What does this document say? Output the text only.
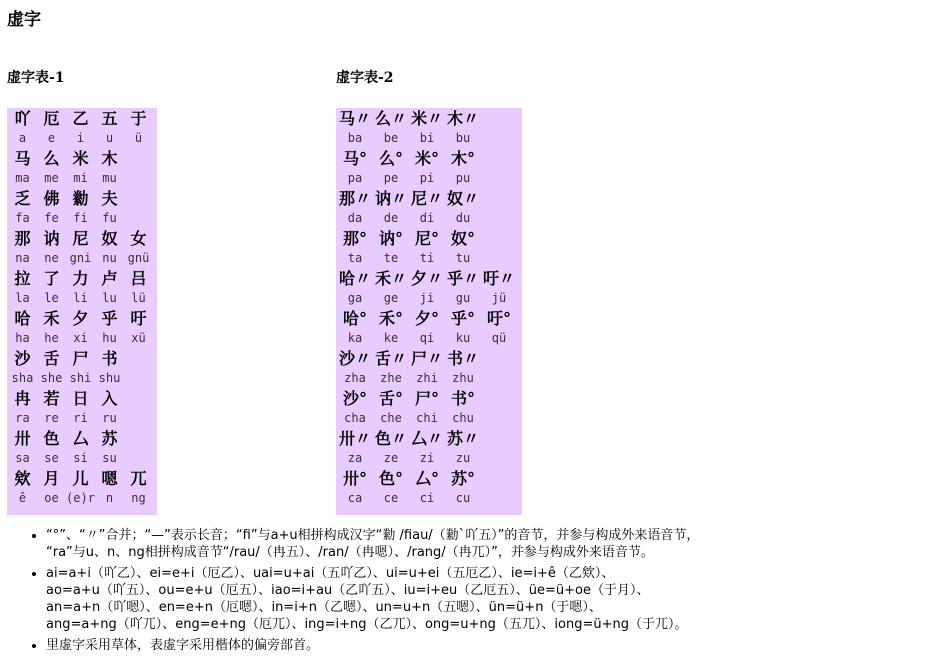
虚字
虚字表-1	虚字表-2
吖 厄 乙 五 于
a	e	i	u	ü
马 么 米 木
ma	me	mi	mu
乏 佛 勬 夫
fa	fe	fi	fu
那 讷 尼 奴 女
na	ne gni nu gnü
拉 了 力 卢 吕
la	le	li	lu	lü
哈 禾 夕 乎 吁
ha	he	xi	hu	xü
沙 舌 尸 书
sha she shi shu
冉 若 日 入
ra	re	ri	ru
卅 色 厶 苏
sa	se	si	su
欸 月 儿 嗯 兀
ê	oe (e)r n	ng
马〃 么〃 米〃 木〃
ba	be	bi	bu
马° 么° 米° 木°
pa	pe	pi	pu
那〃 讷〃 尼〃 奴〃
da	de	di	du
那° 讷° 尼° 奴°
ta	te	ti	tu
哈〃 禾〃 夕〃 乎〃 吁〃
ga	ge	ji	gu	jü
哈° 禾° 夕° 乎° 吁°
ka	ke	qi	ku	qü
沙〃 舌〃 尸〃 书〃
zha	zhe	zhi	zhu
沙° 舌° 尸° 书°
cha	che	chi	chu
卅〃 色〃 厶〃 苏〃
za	ze	zi	zu
卅° 色° 厶° 苏°
ca	ce	ci	cu
• “°”、“〃”合并；“—”表示长音；“fi”与a+u相拼构成汉字“勬 /fiau/（勬`吖五）”的音节，并参与构成外来语音节，
“ra”与u、n、ng相拼构成音节“/rau/（冉五）、/ran/（冉嗯）、/rang/（冉兀）”，并参与构成外来语音节。
• ai=a+i（吖乙）、ei=e+i（厄乙）、uai=u+ai（五吖乙）、ui=u+ei（五厄乙）、ie=i+ê（乙欸）、
ao=a+u（吖五）、ou=e+u（厄五）、iao=i+au（乙吖五）、iu=i+eu（乙厄五）、üe=ü+oe（于月）、
an=a+n（吖嗯）、en=e+n（厄嗯）、in=i+n（乙嗯）、un=u+n（五嗯）、ün=ü+n（于嗯）、
ang=a+ng（吖兀）、eng=e+ng（厄兀）、ing=i+ng（乙兀）、ong=u+ng（五兀）、iong=ü+ng（于兀）。
• 里虚字采用草体，表虚字采用楷体的偏旁部首。
